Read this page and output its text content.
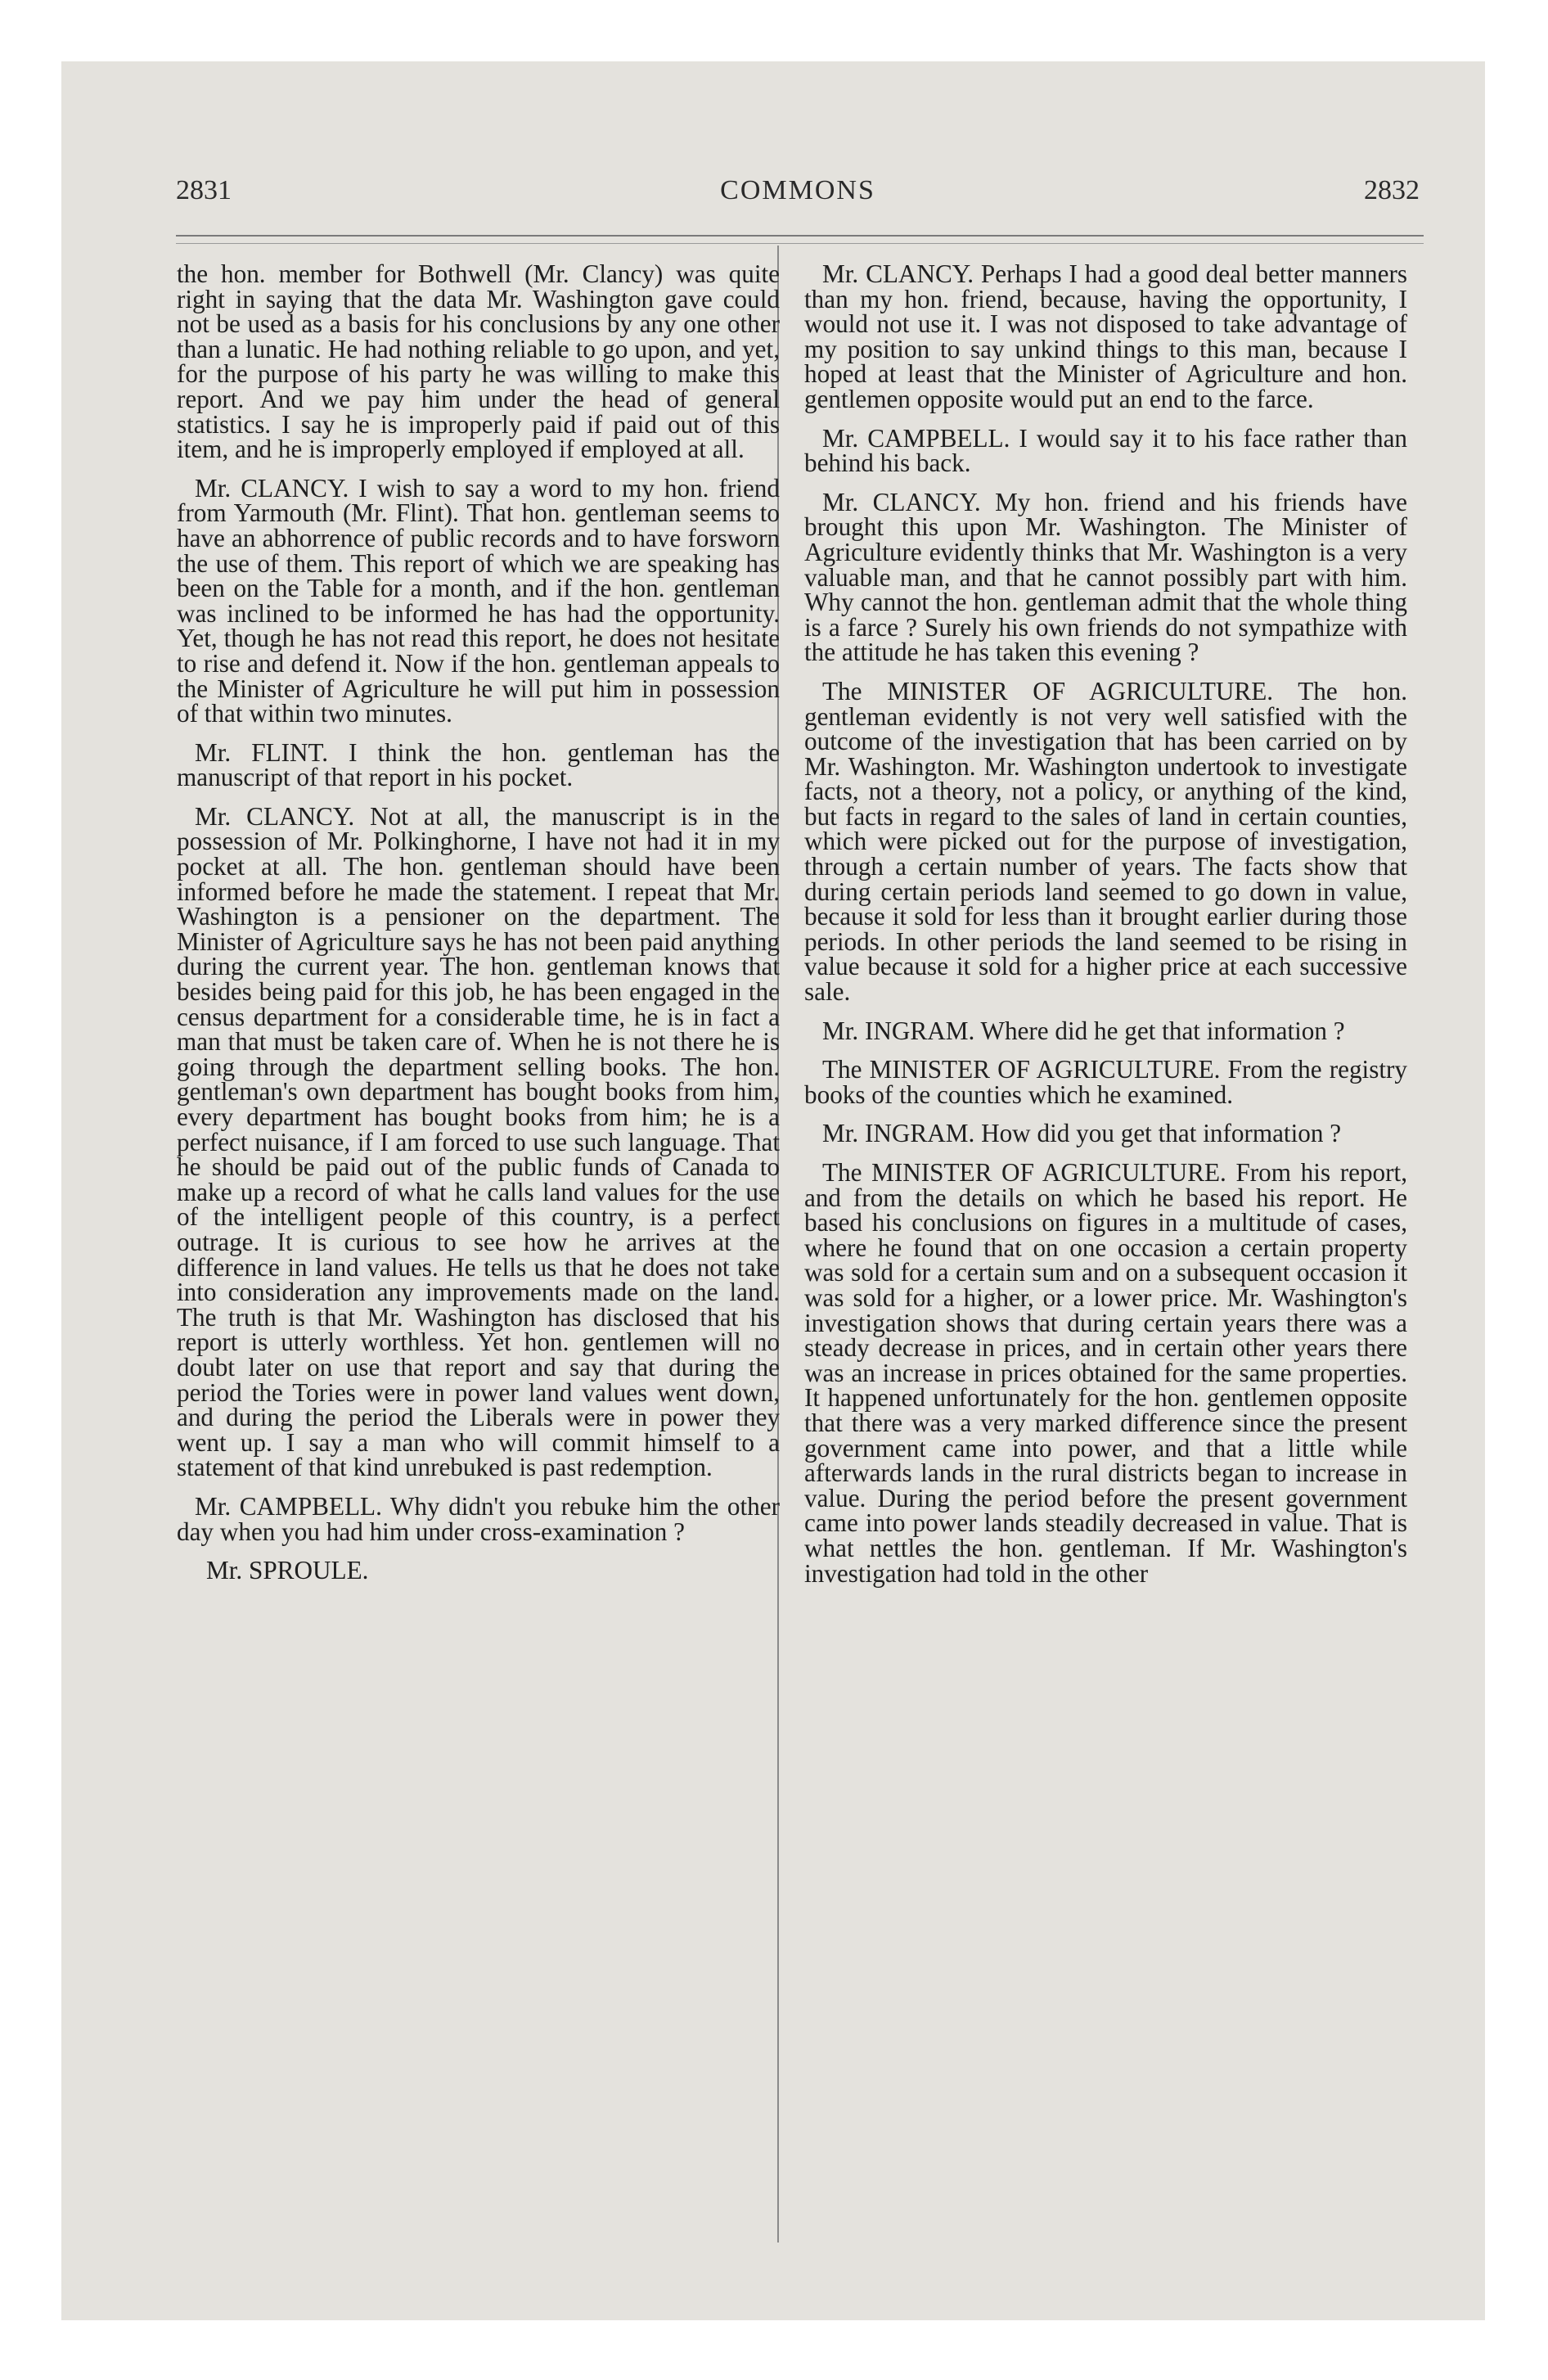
2831	COMMONS	2832

the hon. member for Bothwell (Mr. Clancy) was quite right in saying that the data Mr. Washington gave could not be used as a basis for his conclusions by any one other than a lunatic. He had nothing reliable to go upon, and yet, for the purpose of his party he was willing to make this report. And we pay him under the head of general statistics. I say he is improperly paid if paid out of this item, and he is improperly employed if employed at all.

Mr. CLANCY. I wish to say a word to my hon. friend from Yarmouth (Mr. Flint). That hon. gentleman seems to have an abhorrence of public records and to have forsworn the use of them. This report of which we are speaking has been on the Table for a month, and if the hon. gentleman was inclined to be informed he has had the opportunity. Yet, though he has not read this report, he does not hesitate to rise and defend it. Now if the hon. gentleman appeals to the Minister of Agriculture he will put him in possession of that within two minutes.

Mr. FLINT. I think the hon. gentleman has the manuscript of that report in his pocket.

Mr. CLANCY. Not at all, the manuscript is in the possession of Mr. Polkinghorne, I have not had it in my pocket at all. The hon. gentleman should have been informed before he made the statement. I repeat that Mr. Washington is a pensioner on the department. The Minister of Agriculture says he has not been paid anything during the current year. The hon. gentleman knows that besides being paid for this job, he has been engaged in the census department for a considerable time, he is in fact a man that must be taken care of. When he is not there he is going through the department selling books. The hon. gentleman's own department has bought books from him, every department has bought books from him; he is a perfect nuisance, if I am forced to use such language. That he should be paid out of the public funds of Canada to make up a record of what he calls land values for the use of the intelligent people of this country, is a perfect outrage. It is curious to see how he arrives at the difference in land values. He tells us that he does not take into consideration any improvements made on the land. The truth is that Mr. Washington has disclosed that his report is utterly worthless. Yet hon. gentlemen will no doubt later on use that report and say that during the period the Tories were in power land values went down, and during the period the Liberals were in power they went up. I say a man who will commit himself to a statement of that kind unrebuked is past redemption.

Mr. CAMPBELL. Why didn't you rebuke him the other day when you had him under cross-examination ?

Mr. SPROULE.

Mr. CLANCY. Perhaps I had a good deal better manners than my hon. friend, because, having the opportunity, I would not use it. I was not disposed to take advantage of my position to say unkind things to this man, because I hoped at least that the Minister of Agriculture and hon. gentlemen opposite would put an end to the farce.

Mr. CAMPBELL. I would say it to his face rather than behind his back.

Mr. CLANCY. My hon. friend and his friends have brought this upon Mr. Washington. The Minister of Agriculture evidently thinks that Mr. Washington is a very valuable man, and that he cannot possibly part with him. Why cannot the hon. gentleman admit that the whole thing is a farce ? Surely his own friends do not sympathize with the attitude he has taken this evening ?

The MINISTER OF AGRICULTURE. The hon. gentleman evidently is not very well satisfied with the outcome of the investigation that has been carried on by Mr. Washington. Mr. Washington undertook to investigate facts, not a theory, not a policy, or anything of the kind, but facts in regard to the sales of land in certain counties, which were picked out for the purpose of investigation, through a certain number of years. The facts show that during certain periods land seemed to go down in value, because it sold for less than it brought earlier during those periods. In other periods the land seemed to be rising in value because it sold for a higher price at each successive sale.

Mr. INGRAM. Where did he get that information ?

The MINISTER OF AGRICULTURE. From the registry books of the counties which he examined.

Mr. INGRAM. How did you get that information ?

The MINISTER OF AGRICULTURE. From his report, and from the details on which he based his report. He based his conclusions on figures in a multitude of cases, where he found that on one occasion a certain property was sold for a certain sum and on a subsequent occasion it was sold for a higher, or a lower price. Mr. Washington's investigation shows that during certain years there was a steady decrease in prices, and in certain other years there was an increase in prices obtained for the same properties. It happened unfortunately for the hon. gentlemen opposite that there was a very marked difference since the present government came into power, and that a little while afterwards lands in the rural districts began to increase in value. During the period before the present government came into power lands steadily decreased in value. That is what nettles the hon. gentleman. If Mr. Washington's investigation had told in the other
